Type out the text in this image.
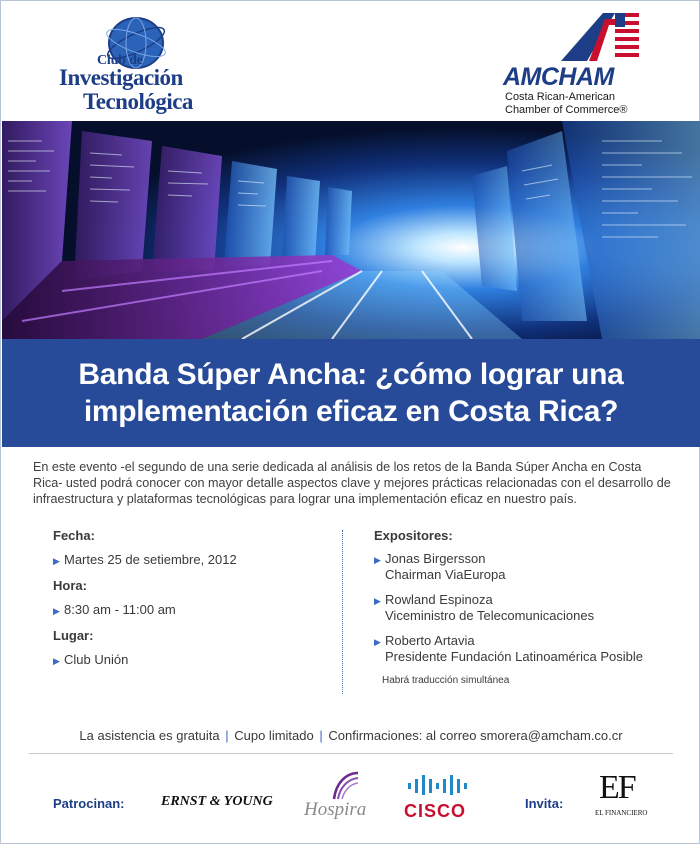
Club de
Investigación
Tecnológica
AMCHAM
Costa Rican-American
Chamber of Commerce®
Banda Súper Ancha: ¿cómo lograr una
implementación eficaz en Costa Rica?

En este evento -el segundo de una serie dedicada al análisis de los retos de la Banda Súper Ancha en Costa Rica- usted podrá conocer con mayor detalle aspectos clave y mejores prácticas relacionadas con el desarrollo de infraestructura y plataformas tecnológicas para lograr una implementación eficaz en nuestro país.

Fecha:
▶ Martes 25 de setiembre, 2012
Hora:
▶ 8:30 am - 11:00 am
Lugar:
▶ Club Unión
Expositores:
▶ Jonas Birgersson
Chairman ViaEuropa
▶ Rowland Espinoza
Viceministro de Telecomunicaciones
▶ Roberto Artavia
Presidente Fundación Latinoamérica Posible
Habrá traducción simultánea
La asistencia es gratuita | Cupo limitado | Confirmaciones: al correo smorera@amcham.co.cr
Patrocinan:	ERNST & YOUNG Hospira CISCO	Invita: EF
EL FINANCIERO
